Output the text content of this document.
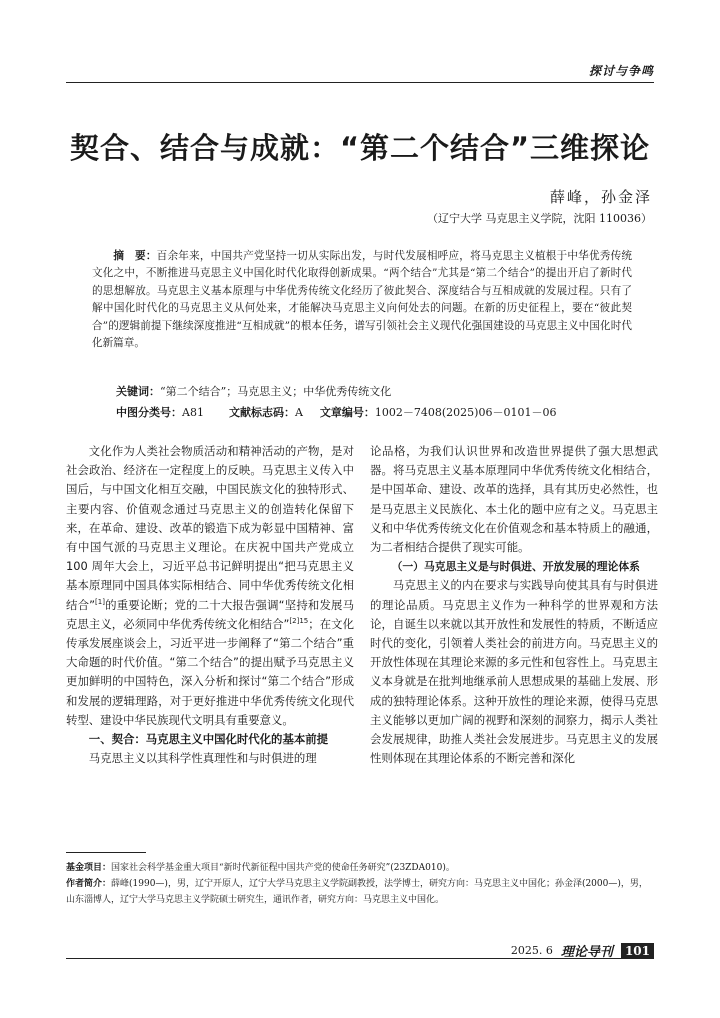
探讨与争鸣
契合、结合与成就：“第二个结合”三维探论
薛峰，孙金泽
（辽宁大学 马克思主义学院，沈阳 110036）
摘　要：百余年来，中国共产党坚持一切从实际出发，与时代发展相呼应，将马克思主义植根于中华优秀传统文化之中，不断推进马克思主义中国化时代化取得创新成果。“两个结合”尤其是“第二个结合”的提出开启了新时代的思想解放。马克思主义基本原理与中华优秀传统文化经历了彼此契合、深度结合与互相成就的发展过程。只有了解中国化时代化的马克思主义从何处来，才能解决马克思主义向何处去的问题。在新的历史征程上，要在“彼此契合”的逻辑前提下继续深度推进“互相成就”的根本任务，谱写引领社会主义现代化强国建设的马克思主义中国化时代化新篇章。
关键词：“第二个结合”；马克思主义；中华优秀传统文化
中图分类号：A81 文献标志码：A 文章编号：1002－7408(2025)06－0101－06

文化作为人类社会物质活动和精神活动的产物，是对社会政治、经济在一定程度上的反映。马克思主义传入中国后，与中国文化相互交融，中国民族文化的独特形式、主要内容、价值观念通过马克思主义的创造转化保留下来，在革命、建设、改革的锻造下成为彰显中国精神、富有中国气派的马克思主义理论。在庆祝中国共产党成立 100 周年大会上，习近平总书记鲜明提出“把马克思主义基本原理同中国具体实际相结合、同中华优秀传统文化相结合”[1]的重要论断；党的二十大报告强调“坚持和发展马克思主义，必须同中华优秀传统文化相结合”$^{[2]15}$；在文化传承发展座谈会上，习近平进一步阐释了“第二个结合”重大命题的时代价值。“第二个结合”的提出赋予马克思主义更加鲜明的中国特色，深入分析和探讨“第二个结合”形成和发展的逻辑理路，对于更好推进中华优秀传统文化现代转型、建设中华民族现代文明具有重要意义。

一、契合：马克思主义中国化时代化的基本前提

马克思主义以其科学性真理性和与时俱进的理

论品格，为我们认识世界和改造世界提供了强大思想武器。将马克思主义基本原理同中华优秀传统文化相结合，是中国革命、建设、改革的选择，具有其历史必然性，也是马克思主义民族化、本土化的题中应有之义。马克思主义和中华优秀传统文化在价值观念和基本特质上的融通，为二者相结合提供了现实可能。

（一）马克思主义是与时俱进、开放发展的理论体系

马克思主义的内在要求与实践导向使其具有与时俱进的理论品质。马克思主义作为一种科学的世界观和方法论，自诞生以来就以其开放性和发展性的特质，不断适应时代的变化，引领着人类社会的前进方向。马克思主义的开放性体现在其理论来源的多元性和包容性上。马克思主义本身就是在批判地继承前人思想成果的基础上发展、形成的独特理论体系。这种开放性的理论来源，使得马克思主义能够以更加广阔的视野和深刻的洞察力，揭示人类社会发展规律，助推人类社会发展进步。马克思主义的发展性则体现在其理论体系的不断完善和深化

基金项目：国家社会科学基金重大项目“新时代新征程中国共产党的使命任务研究”(23ZDA010)。
作者简介：薛峰(1990—)，男，辽宁开原人，辽宁大学马克思主义学院副教授，法学博士，研究方向：马克思主义中国化；孙金泽(2000—)，男，山东淄博人，辽宁大学马克思主义学院硕士研究生，通讯作者，研究方向：马克思主义中国化。
2025. 6 理论导刊	101
